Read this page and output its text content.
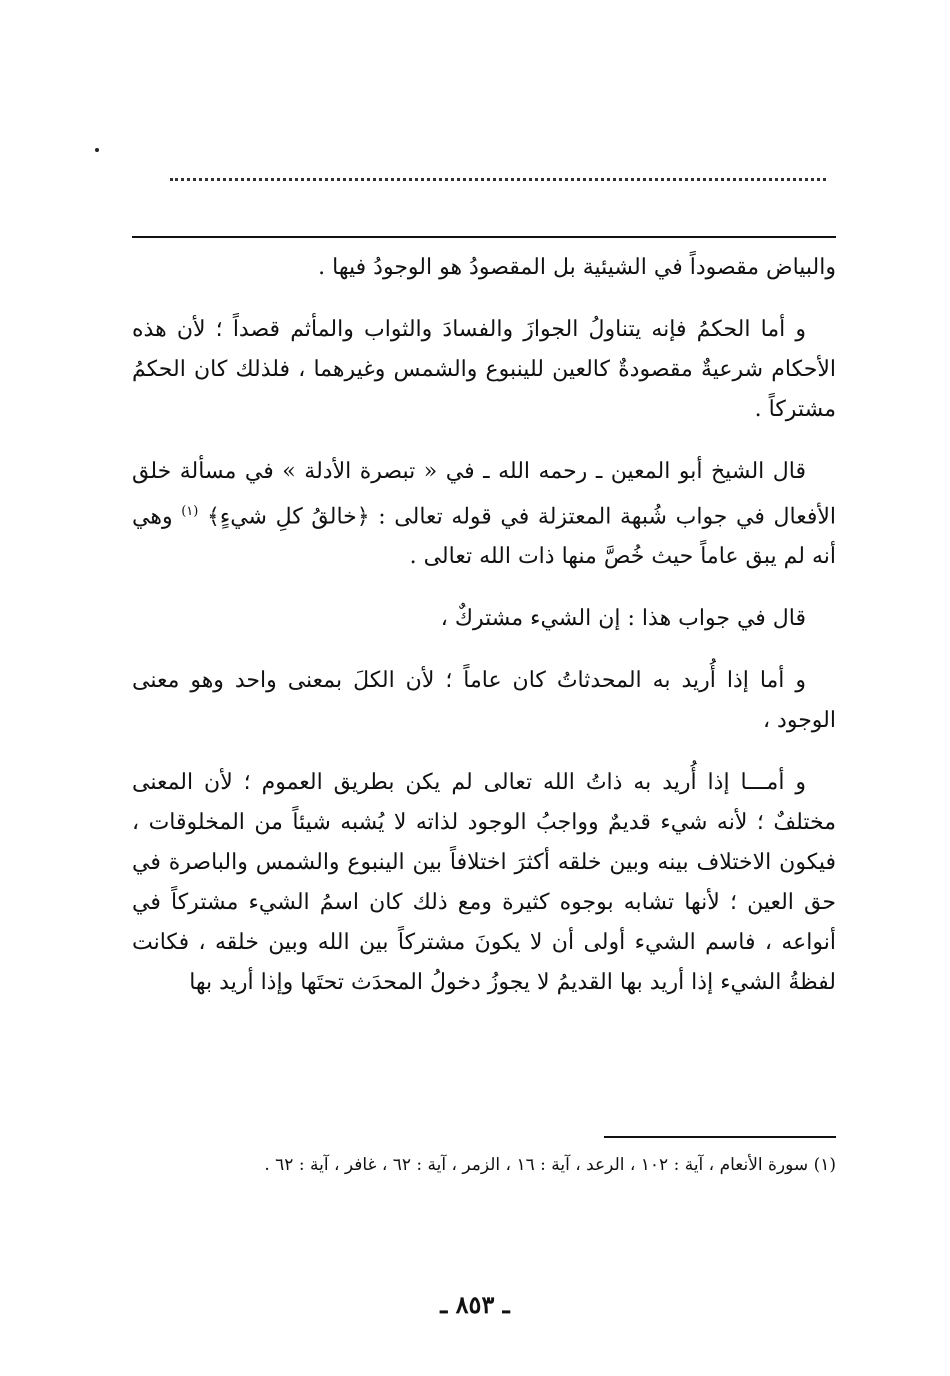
والبياض مقصوداً في الشيئية بل المقصودُ هو الوجودُ فيها .

و أما الحكمُ فإنه يتناولُ الجوازَ والفسادَ والثواب والمأثم قصداً ؛ لأن هذه الأحكام شرعيةٌ مقصودةٌ كالعين للينبوع والشمس وغيرهما ، فلذلك كان الحكمُ مشتركاً .

قال الشيخ أبو المعين ـ رحمه الله ـ في « تبصرة الأدلة » في مسألة خلق الأفعال في جواب شُبهة المعتزلة في قوله تعالى : ﴿خالقُ كلِ شيءٍ﴾ $^{(١)}$ وهي أنه لم يبق عاماً حيث خُصَّ منها ذات الله تعالى .

قال في جواب هذا : إن الشيء مشتركٌ ،

و أما إذا أُريد به المحدثاتُ كان عاماً ؛ لأن الكلَ بمعنى واحد وهو معنى الوجود ،

و أمـــا إذا أُريد به ذاتُ الله تعالى لم يكن بطريق العموم ؛ لأن المعنى مختلفٌ ؛ لأنه شيء قديمٌ وواجبُ الوجود لذاته لا يُشبه شيئاً من المخلوقات ، فيكون الاختلاف بينه وبين خلقه أكثرَ اختلافاً بين الينبوع والشمس والباصرة في حق العين ؛ لأنها تشابه بوجوه كثيرة ومع ذلك كان اسمُ الشيء مشتركاً في أنواعه ، فاسم الشيء أولى أن لا يكونَ مشتركاً بين الله وبين خلقه ، فكانت لفظةُ الشيء إذا أريد بها القديمُ لا يجوزُ دخولُ المحدَث تحتَها وإذا أريد بها

(١) سورة الأنعام ، آية : ١٠٢ ، الرعد ، آية : ١٦ ، الزمر ، آية : ٦٢ ، غافر ، آية : ٦٢ .
ـ ٨٥٣ ـ
